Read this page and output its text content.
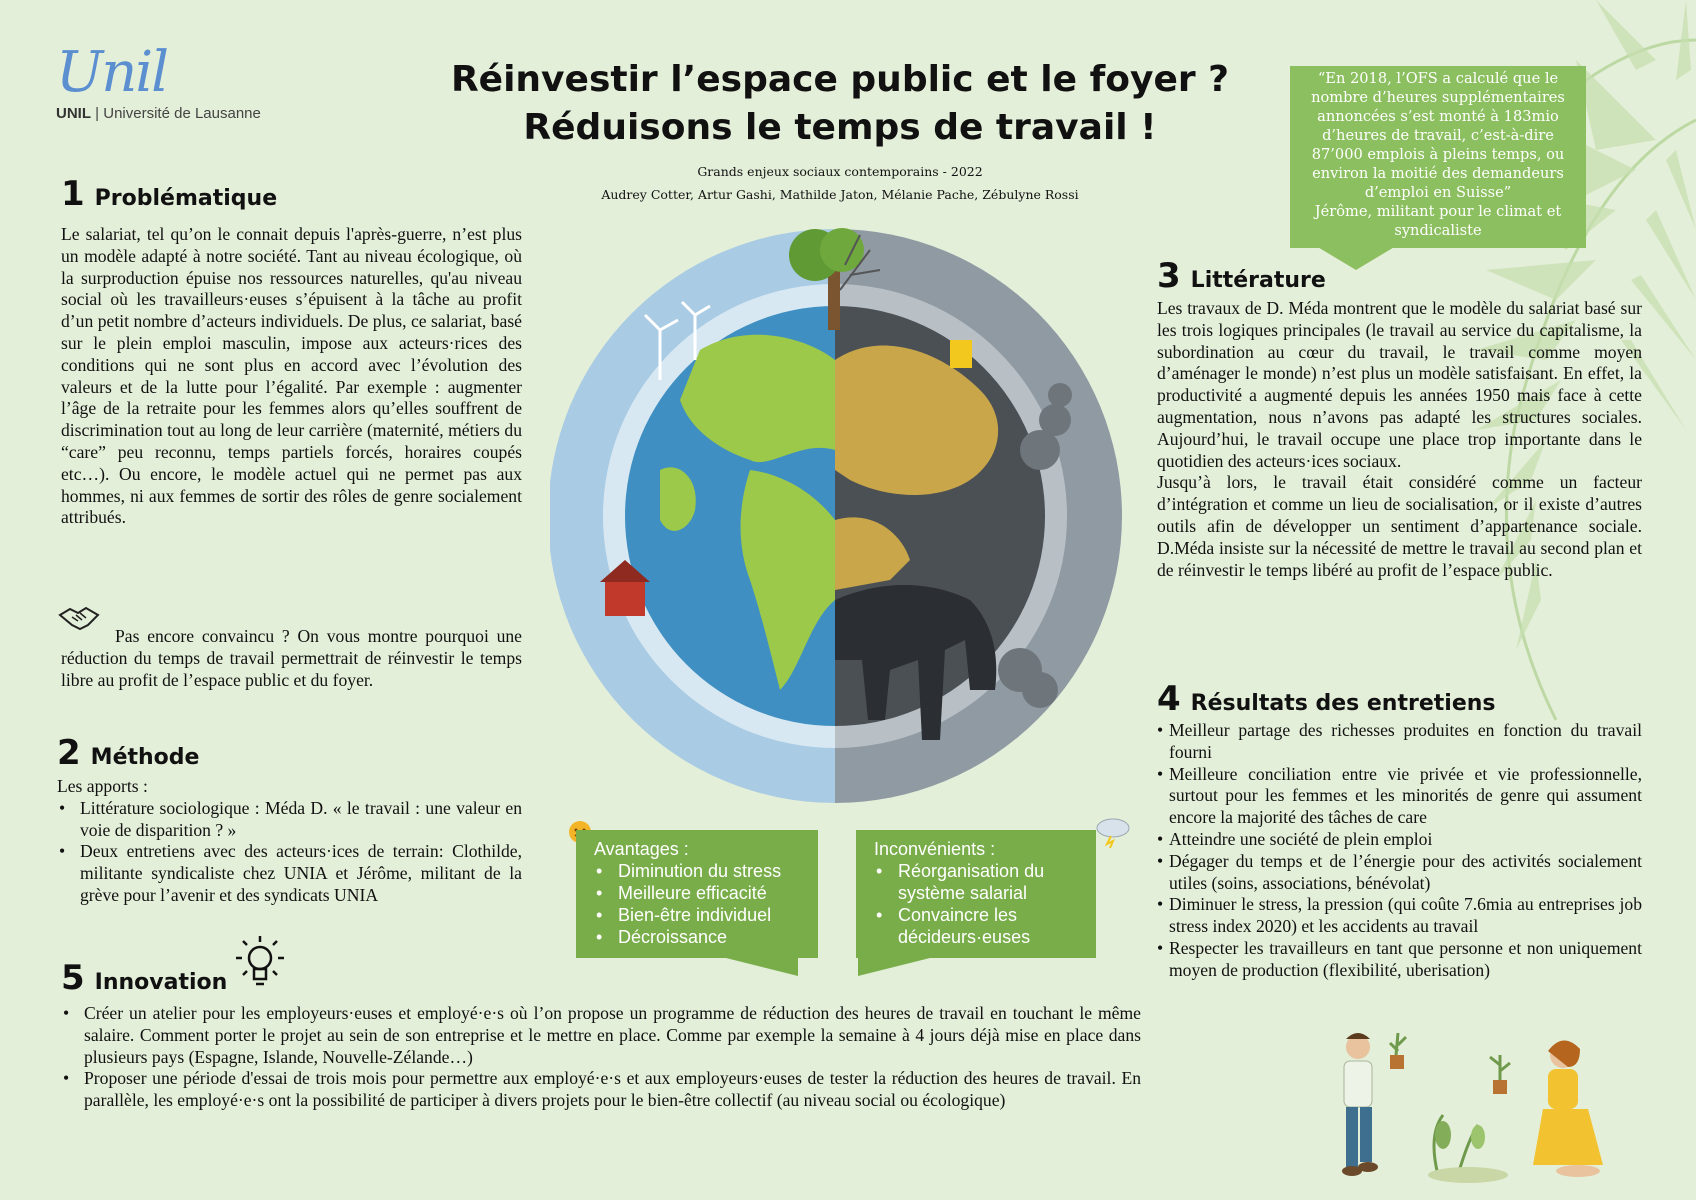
Unil
UNIL | Université de Lausanne
Réinvestir l’espace public et le foyer ?
Réduisons le temps de travail !
Grands enjeux sociaux contemporains - 2022
Audrey Cotter, Artur Gashi, Mathilde Jaton, Mélanie Pache, Zébulyne Rossi
“En 2018, l’OFS a calculé que le nombre d’heures supplémentaires annoncées s’est monté à 183mio d’heures de travail, c’est-à-dire 87’000 emplois à pleins temps, ou environ la moitié des demandeurs d’emploi en Suisse”
Jérôme, militant pour le climat et syndicaliste
1 Problématique
Le salariat, tel qu’on le connait depuis l'après-guerre, n’est plus un modèle adapté à notre société. Tant au niveau écologique, où la surproduction épuise nos ressources naturelles, qu'au niveau social où les travailleurs·euses s’épuisent à la tâche au profit d’un petit nombre d’acteurs individuels. De plus, ce salariat, basé sur le plein emploi masculin, impose aux acteurs·rices des conditions qui ne sont plus en accord avec l’évolution des valeurs et de la lutte pour l’égalité. Par exemple : augmenter l’âge de la retraite pour les femmes alors qu’elles souffrent de discrimination tout au long de leur carrière (maternité, métiers du “care” peu reconnu, temps partiels forcés, horaires coupés etc…). Ou encore, le modèle actuel qui ne permet pas aux hommes, ni aux femmes de sortir des rôles de genre socialement attribués.
Pas encore convaincu ? On vous montre pourquoi une réduction du temps de travail permettrait de réinvestir le temps libre au profit de l’espace public et du foyer.
2 Méthode
Les apports :
• Littérature sociologique : Méda D. « le travail : une valeur en voie de disparition ? »
• Deux entretiens avec des acteurs·ices de terrain: Clothilde, militante syndicaliste chez UNIA et Jérôme, militant de la grève pour l’avenir et des syndicats UNIA
5 Innovation
• Créer un atelier pour les employeurs·euses et employé·e·s où l’on propose un programme de réduction des heures de travail en touchant le même salaire. Comment porter le projet au sein de son entreprise et le mettre en place. Comme par exemple la semaine à 4 jours déjà mise en place dans plusieurs pays (Espagne, Islande, Nouvelle-Zélande…)
• Proposer une période d'essai de trois mois pour permettre aux employé·e·s et aux employeurs·euses de tester la réduction des heures de travail. En parallèle, les employé·e·s ont la possibilité de participer à divers projets pour le bien-être collectif (au niveau social ou écologique)
3 Littérature
Les travaux de D. Méda montrent que le modèle du salariat basé sur les trois logiques principales (le travail au service du capitalisme, la subordination au cœur du travail, le travail comme moyen d’aménager le monde) n’est plus un modèle satisfaisant. En effet, la productivité a augmenté depuis les années 1950 mais face à cette augmentation, nous n’avons pas adapté les structures sociales. Aujourd’hui, le travail occupe une place trop importante dans le quotidien des acteurs·ices sociaux.
Jusqu’à lors, le travail était considéré comme un facteur d’intégration et comme un lieu de socialisation, or il existe d’autres outils afin de développer un sentiment d’appartenance sociale. D.Méda insiste sur la nécessité de mettre le travail au second plan et de réinvestir le temps libéré au profit de l’espace public.
4 Résultats des entretiens
• Meilleur partage des richesses produites en fonction du travail fourni
• Meilleure conciliation entre vie privée et vie professionnelle, surtout pour les femmes et les minorités de genre qui assument encore la majorité des tâches de care
• Atteindre une société de plein emploi
• Dégager du temps et de l’énergie pour des activités socialement utiles (soins, associations, bénévolat)
• Diminuer le stress, la pression (qui coûte 7.6mia au entreprises job stress index 2020) et les accidents au travail
• Respecter les travailleurs en tant que personne et non uniquement moyen de production (flexibilité, uberisation)
Avantages :
• Diminution du stress
• Meilleure efficacité
• Bien-être individuel
• Décroissance
Inconvénients :
• Réorganisation du système salarial
• Convaincre les décideurs·euses
